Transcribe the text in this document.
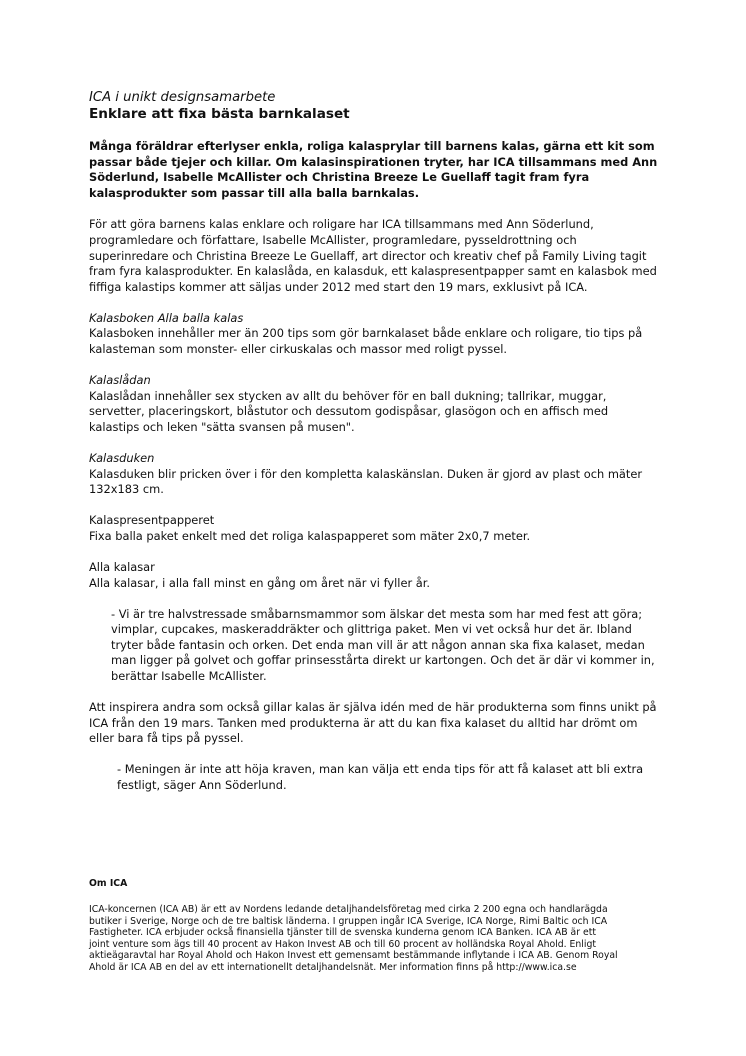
ICA i unikt designsamarbete
Enklare att fixa bästa barnkalaset

Många föräldrar efterlyser enkla, roliga kalasprylar till barnens kalas, gärna ett kit som passar både tjejer och killar. Om kalasinspirationen tryter, har ICA tillsammans med Ann Söderlund, Isabelle McAllister och Christina Breeze Le Guellaff tagit fram fyra kalasprodukter som passar till alla balla barnkalas.

För att göra barnens kalas enklare och roligare har ICA tillsammans med Ann Söderlund, programledare och författare, Isabelle McAllister, programledare, pysseldrottning och superinredare och Christina Breeze Le Guellaff, art director och kreativ chef på Family Living tagit fram fyra kalasprodukter. En kalaslåda, en kalasduk, ett kalaspresentpapper samt en kalasbok med fiffiga kalastips kommer att säljas under 2012 med start den 19 mars, exklusivt på ICA.

Kalasboken Alla balla kalas
Kalasboken innehåller mer än 200 tips som gör barnkalaset både enklare och roligare, tio tips på kalasteman som monster- eller cirkuskalas och massor med roligt pyssel.
Kalaslådan
Kalaslådan innehåller sex stycken av allt du behöver för en ball dukning; tallrikar, muggar, servetter, placeringskort, blåstutor och dessutom godispåsar, glasögon och en affisch med kalastips och leken "sätta svansen på musen".
Kalasduken
Kalasduken blir pricken över i för den kompletta kalaskänslan. Duken är gjord av plast och mäter 132x183 cm.
Kalaspresentpapperet
Fixa balla paket enkelt med det roliga kalaspapperet som mäter 2x0,7 meter.
Alla kalasar
Alla kalasar, i alla fall minst en gång om året när vi fyller år.

- Vi är tre halvstressade småbarnsmammor som älskar det mesta som har med fest att göra; vimplar, cupcakes, maskeraddräkter och glittriga paket. Men vi vet också hur det är. Ibland tryter både fantasin och orken. Det enda man vill är att någon annan ska fixa kalaset, medan man ligger på golvet och goffar prinsesstårta direkt ur kartongen. Och det är där vi kommer in, berättar Isabelle McAllister.

Att inspirera andra som också gillar kalas är själva idén med de här produkterna som finns unikt på ICA från den 19 mars. Tanken med produkterna är att du kan fixa kalaset du alltid har drömt om eller bara få tips på pyssel.

- Meningen är inte att höja kraven, man kan välja ett enda tips för att få kalaset att bli extra festligt, säger Ann Söderlund.

Om ICA

ICA-koncernen (ICA AB) är ett av Nordens ledande detaljhandelsföretag med cirka 2 200 egna och handlarägda butiker i Sverige, Norge och de tre baltisk länderna. I gruppen ingår ICA Sverige, ICA Norge, Rimi Baltic och ICA Fastigheter. ICA erbjuder också finansiella tjänster till de svenska kunderna genom ICA Banken. ICA AB är ett joint venture som ägs till 40 procent av Hakon Invest AB och till 60 procent av holländska Royal Ahold. Enligt aktieägaravtal har Royal Ahold och Hakon Invest ett gemensamt bestämmande inflytande i ICA AB. Genom Royal Ahold är ICA AB en del av ett internationellt detaljhandelsnät. Mer information finns på http://www.ica.se
